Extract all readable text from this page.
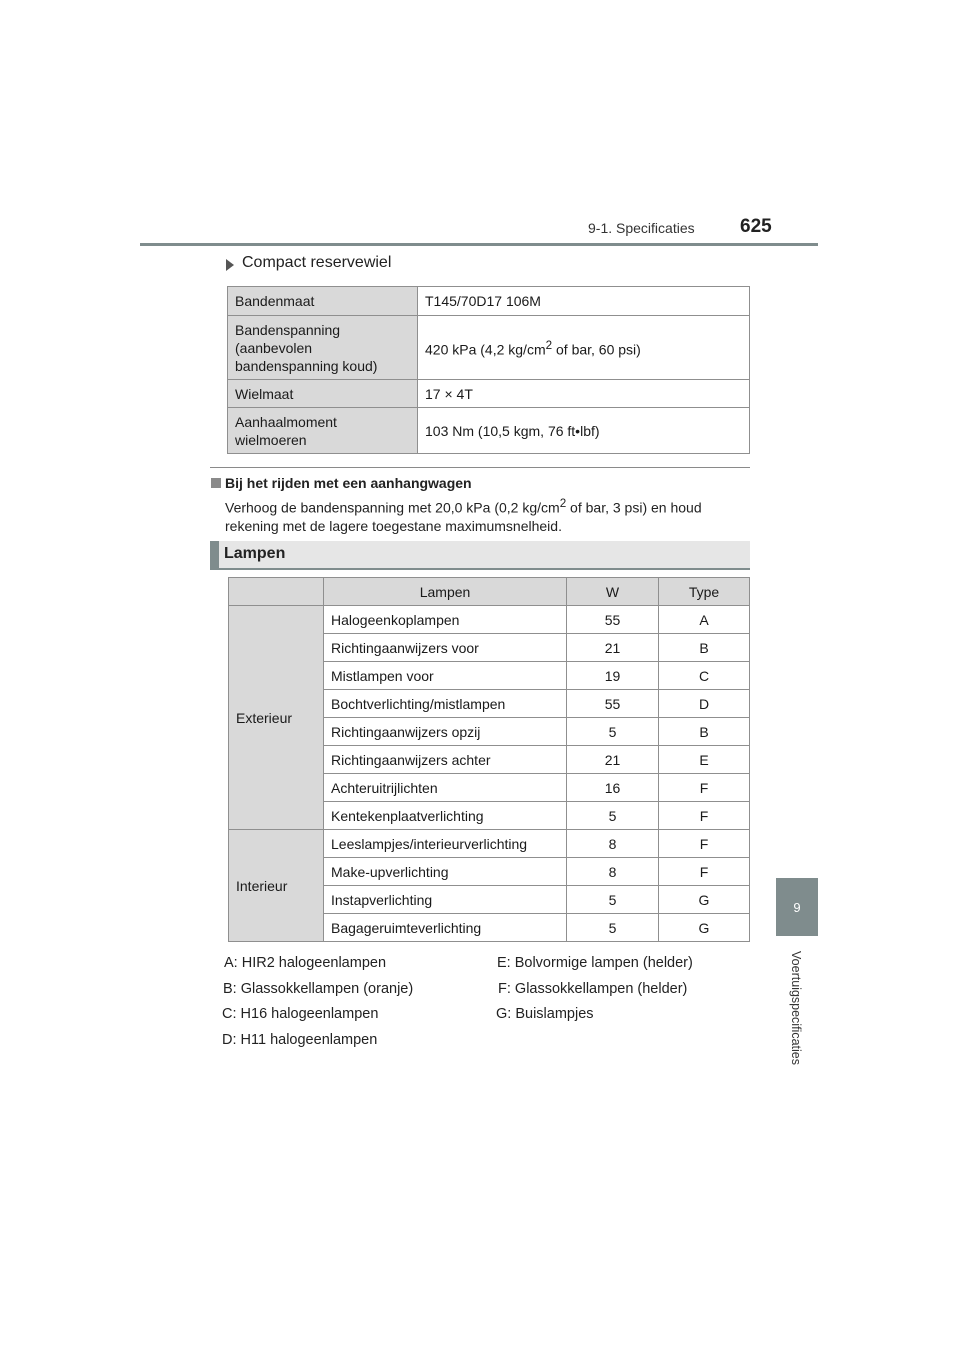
9-1. Specificaties 625
9
Voertuigspecificaties
Compact reservewiel
Bandenmaat	T145/70D17 106M
Bandenspanning (aanbevolen bandenspanning koud)	420 kPa (4,2 $kg/cm^2$ of bar, 60 psi)
Wielmaat	17 × 4T
Aanhaalmoment wielmoeren	103 Nm (10,5 kgm, 76 ft•lbf)
Bij het rijden met een aanhangwagen
Verhoog de bandenspanning met 20,0 kPa (0,2 $kg/cm^2$ of bar, 3 psi) en houd rekening met de lagere toegestane maximumsnelheid.
Lampen
	Lampen	W	Type
Exterieur	Halogeenkoplampen	55	A
	Richtingaanwijzers voor	21	B
	Mistlampen voor	19	C
	Bochtverlichting/mistlampen	55	D
	Richtingaanwijzers opzij	5	B
	Richtingaanwijzers achter	21	E
	Achteruitrijlichten	16	F
	Kentekenplaatverlichting	5	F
Interieur	Leeslampjes/interieurverlichting	8	F
	Make-upverlichting	8	F
	Instapverlichting	5	G
	Bagageruimteverlichting	5	G
A: HIR2 halogeenlampen
B: Glassokkellampen (oranje)
C: H16 halogeenlampen
D: H11 halogeenlampen
E: Bolvormige lampen (helder)
F: Glassokkellampen (helder)
G: Buislampjes
